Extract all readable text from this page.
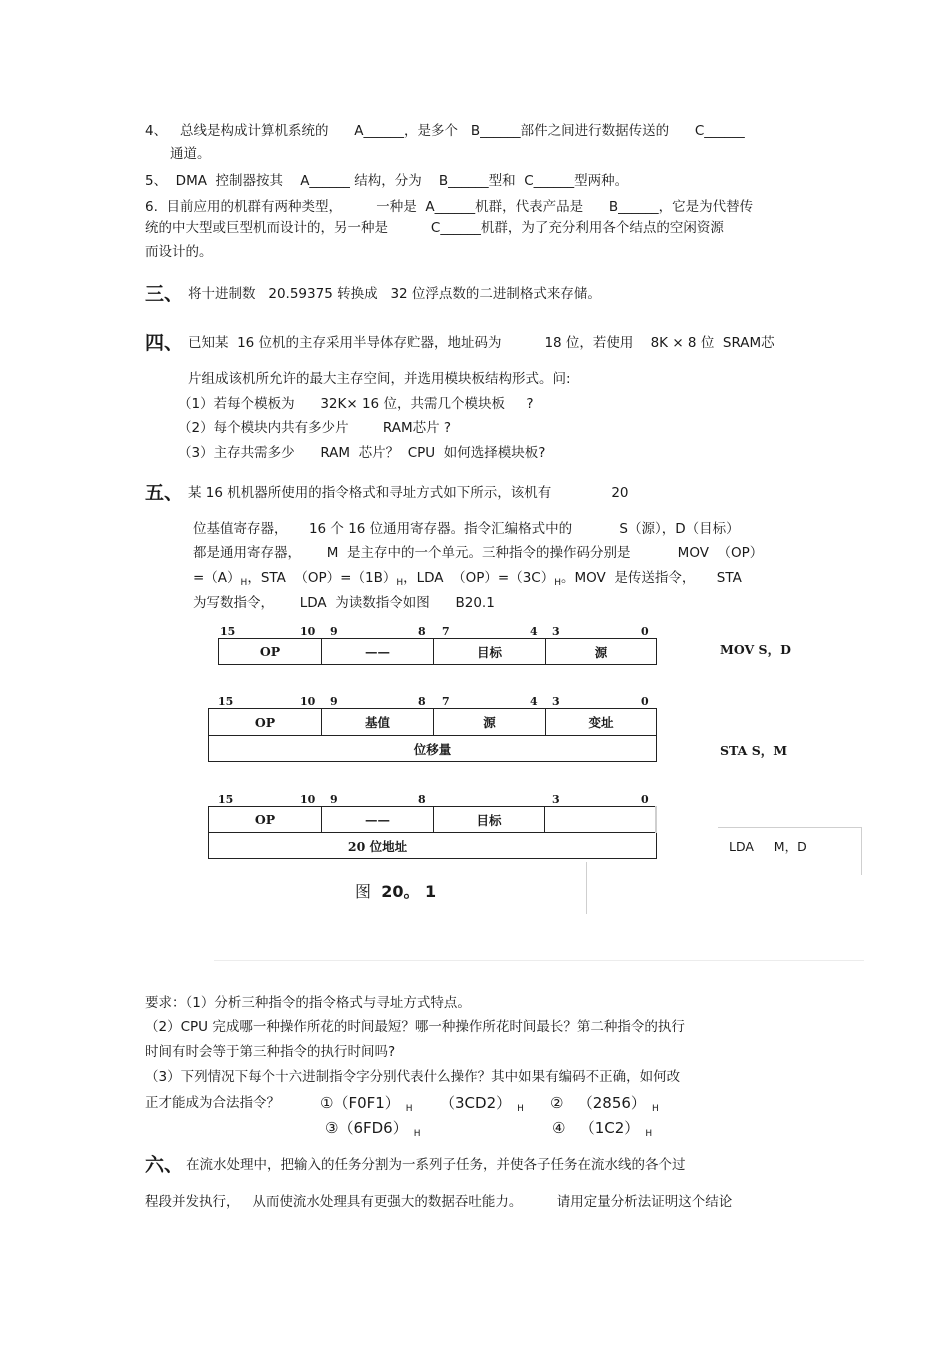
4、   总线是构成计算机系统的      A______，是多个   B______部件之间进行数据传送的      C______
通道。
5、  DMA  控制器按其    A______ 结构，分为    B______型和  C______型两种。
6.  目前应用的机群有两种类型，        一种是  A______机群，代表产品是      B______，它是为代替传
统的中大型或巨型机而设计的，另一种是          C______机群，为了充分利用各个结点的空闲资源
而设计的。
三、 将十进制数   20.59375 转换成   32 位浮点数的二进制格式来存储。
四、 已知某  16 位机的主存采用半导体存贮器，地址码为          18 位，若使用    8K × 8 位  SRAM芯
片组成该机所允许的最大主存空间，并选用模块板结构形式。问:
（1）若每个模板为      32K× 16 位，共需几个模块板     ?
（2）每个模块内共有多少片        RAM芯片 ?
（3）主存共需多少      RAM  芯片？  CPU  如何选择模块板?
五、 某 16 机机器所使用的指令格式和寻址方式如下所示，该机有              20
位基值寄存器，     16 个 16 位通用寄存器。指令汇编格式中的           S（源），D（目标）
都是通用寄存器，      M  是主存中的一个单元。三种指令的操作码分别是           MOV  （OP）
$=(A)_H$，STA  $(OP)=(1B)_H$，LDA  $(OP)=(3C)_H$。MOV  是传送指令，     STA
为写数指令，      LDA  为读数指令如图      B20.1
15	10 9	8 7	4 3	0
OP	——	目标	源	MOV S，D
15	10 9	8 7	4 3	0
OP	基值	源	变址
位移量	STA S，M
15	10 9	8	3	0
OP	——	目标
20 位地址	LDA     M，D
图  20。 1
要求：（1）分析三种指令的指令格式与寻址方式特点。
（2）CPU 完成哪一种操作所花的时间最短？哪一种操作所花时间最长？第二种指令的执行
时间有时会等于第三种指令的执行时间吗?
（3）下列情况下每个十六进制指令字分别代表什么操作？其中如果有编码不正确，如何改
正才能成为合法指令？	①（F0F1） $_H$ （3CD2） $_H$ ②   （2856） $_H$
③（6FD6） $_H$	④   （1C2） $_H$
六、 在流水处理中，把输入的任务分割为一系列子任务，并使各子任务在流水线的各个过
程段并发执行，   从而使流水处理具有更强大的数据吞吐能力。        请用定量分析法证明这个结论
